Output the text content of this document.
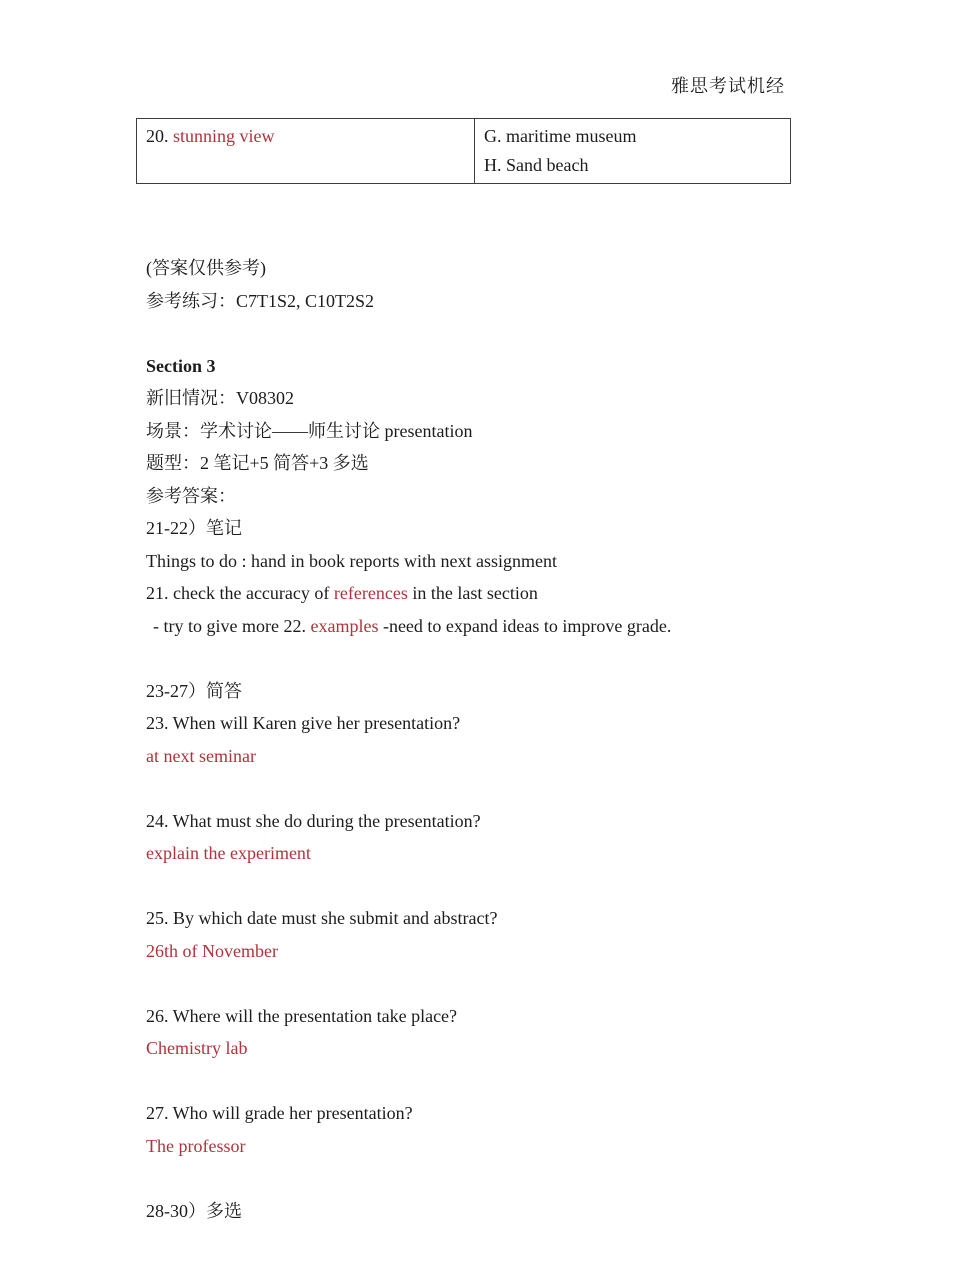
雅思考试机经
20. stunning view	G. maritime museum
H. Sand beach

(答案仅供参考)

参考练习：C7T1S2, C10T2S2

Section 3

新旧情况：V08302

场景：学术讨论——师生讨论 presentation

题型：2 笔记+5 简答+3 多选

参考答案：

21-22）笔记

Things to do : hand in book reports with next assignment

21. check the accuracy of references in the last section

- try to give more 22. examples -need to expand ideas to improve grade.

23-27）简答

23. When will Karen give her presentation?

at next seminar

24. What must she do during the presentation?

explain the experiment

25. By which date must she submit and abstract?

26th of November

26. Where will the presentation take place?

Chemistry lab

27. Who will grade her presentation?

The professor

28-30）多选
